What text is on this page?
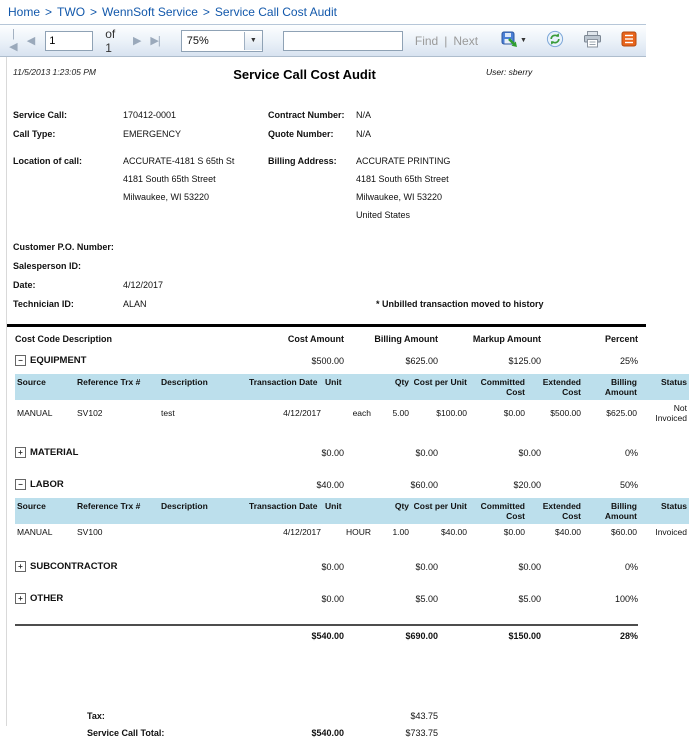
Home > TWO > WennSoft Service > Service Call Cost Audit
|◀ ◀
1
of 1	▶ ▶|	75%	▼	Find | Next	▼
11/5/2013 1:23:05 PM	Service Call Cost Audit	User: sberry
Service Call:	170412-0001	Contract Number:	N/A
Call Type:	EMERGENCY	Quote Number:	N/A
Location of call:	ACCURATE-4181 S 65th St
4181 South 65th Street
Milwaukee, WI 53220
Billing Address:	ACCURATE PRINTING
4181 South 65th Street
Milwaukee, WI 53220
United States
Customer P.O. Number:
Salesperson ID:
Date:	4/12/2017
Technician ID:	ALAN	* Unbilled transaction moved to history
Cost Code Description	Cost Amount	Billing Amount	Markup Amount	Percent
− EQUIPMENT	$500.00	$625.00	$125.00	25%
Source	Reference Trx #	Description	Transaction Date	Unit	Qty	Cost per Unit	Committed Cost	Extended Cost	Billing Amount	Status
MANUAL	SV102	test	4/12/2017	each	5.00	$100.00	$0.00	$500.00	$625.00	Not Invoiced
+ MATERIAL	$0.00	$0.00	$0.00	0%
− LABOR	$40.00	$60.00	$20.00	50%
Source	Reference Trx #	Description	Transaction Date	Unit	Qty	Cost per Unit	Committed Cost	Extended Cost	Billing Amount	Status
MANUAL	SV100		4/12/2017	HOUR	1.00	$40.00	$0.00	$40.00	$60.00	Invoiced
+ SUBCONTRACTOR	$0.00	$0.00	$0.00	0%
+ OTHER	$0.00	$5.00	$5.00	100%
$540.00	$690.00	$150.00	28%
Tax:	$43.75
Service Call Total:	$540.00	$733.75
